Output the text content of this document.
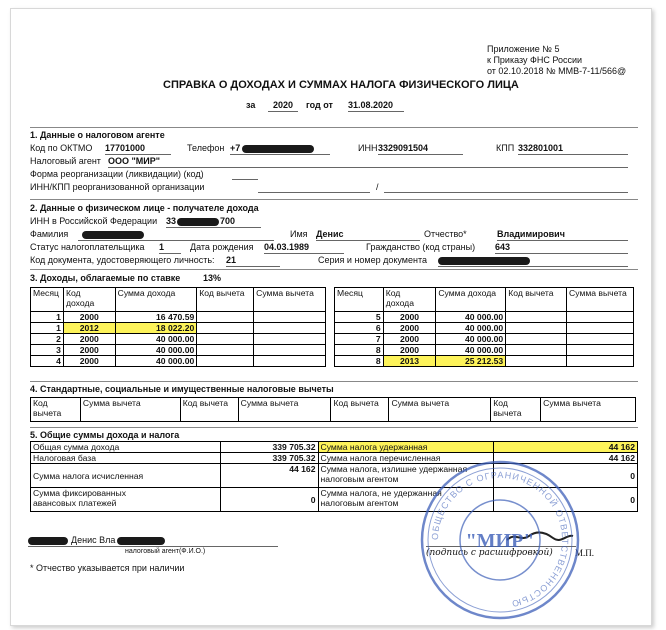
Приложение № 5
к Приказу ФНС России
от 02.10.2018 № ММВ-7-11/566@
СПРАВКА О ДОХОДАХ И СУММАХ НАЛОГА ФИЗИЧЕСКОГО ЛИЦА
за	2020	год от 31.08.2020
1. Данные о налоговом агенте
Код по ОКТМО 17701000	Телефон +7	ИНН 3329091504	КПП 332801001
Налоговый агент ООО "МИР"
Форма реорганизации (ликвидации) (код)
ИНН/КПП реорганизованной организации	/
2. Данные о физическом лице - получателе дохода
ИНН в Российской Федерации 33	700
Фамилия	Имя Денис	Отчество*	Владимирович
Статус налогоплательщика 1	Дата рождения 04.03.1989	Гражданство (код страны) 643
Код документа, удостоверяющего личность: 21	Серия и номер документа
3. Доходы, облагаемые по ставке	13%
Месяц	Код
дохода	Сумма дохода	Код вычета	Сумма вычета
1	2000	16 470.59		
1	2012	18 022.20		
2	2000	40 000.00		
3	2000	40 000.00		
4	2000	40 000.00		
Месяц	Код
дохода	Сумма дохода	Код вычета	Сумма вычета
5	2000	40 000.00		
6	2000	40 000.00		
7	2000	40 000.00		
8	2000	40 000.00		
8	2013	25 212.53		
4. Стандартные, социальные и имущественные налоговые вычеты
Код
вычета	Сумма вычета	Код вычета	Сумма вычета	Код вычета	Сумма вычета	Код
вычета	Сумма вычета
5. Общие суммы дохода и налога
Общая сумма дохода	339 705.32	Сумма налога удержанная	44 162
Налоговая база	339 705.32	Сумма налога перечисленная	44 162
Сумма налога исчисленная	44 162	Сумма налога, излишне удержанная
налоговым агентом	0
Сумма фиксированных
авансовых платежей	0	Сумма налога, не удержанная
налоговым агентом	0
Денис Вла
налоговый агент(Ф.И.О.)	(подпись с расшифровкой) М.П.
* Отчество указывается при наличии
ОБЩЕСТВО С ОГРАНИЧЕННОЙ ОТВЕТСТВЕННОСТЬЮ
"МИР"
